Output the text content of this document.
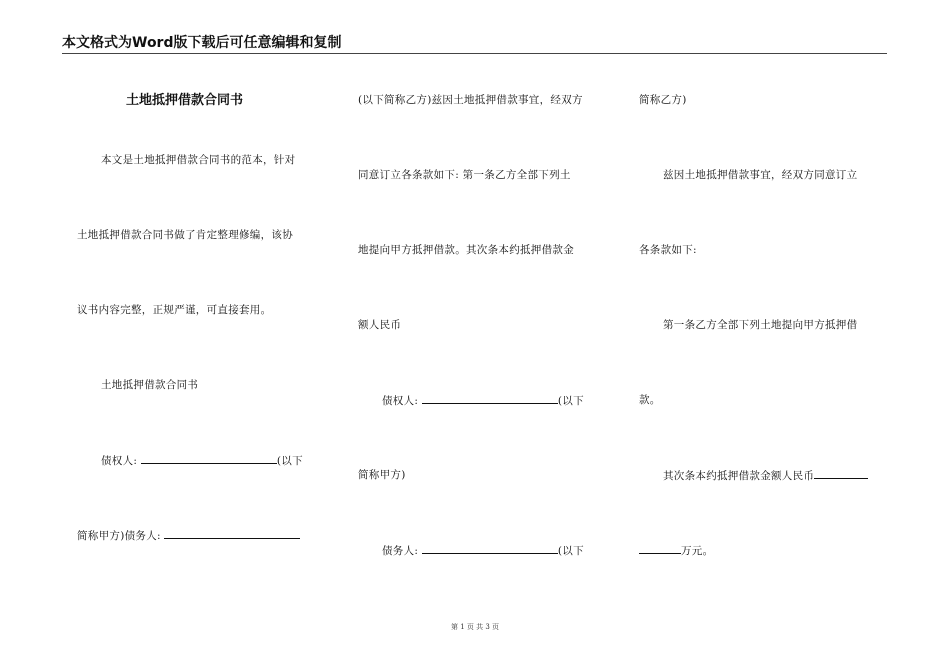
本文格式为Word版下载后可任意编辑和复制
土地抵押借款合同书
本文是土地抵押借款合同书的范本，针对
土地抵押借款合同书做了肯定整理修编，该协
议书内容完整，正规严谨，可直接套用。
土地抵押借款合同书
债权人:	(以下
简称甲方)债务人:
(以下简称乙方)兹因土地抵押借款事宜，经双方
同意订立各条款如下: 第一条乙方全部下列土
地提向甲方抵押借款。其次条本约抵押借款金
额人民币
债权人:	(以下
简称甲方)
债务人:	(以下
简称乙方)
兹因土地抵押借款事宜，经双方同意订立
各条款如下:
第一条乙方全部下列土地提向甲方抵押借
款。
其次条本约抵押借款金额人民币
万元。
第 1 页 共 3 页
